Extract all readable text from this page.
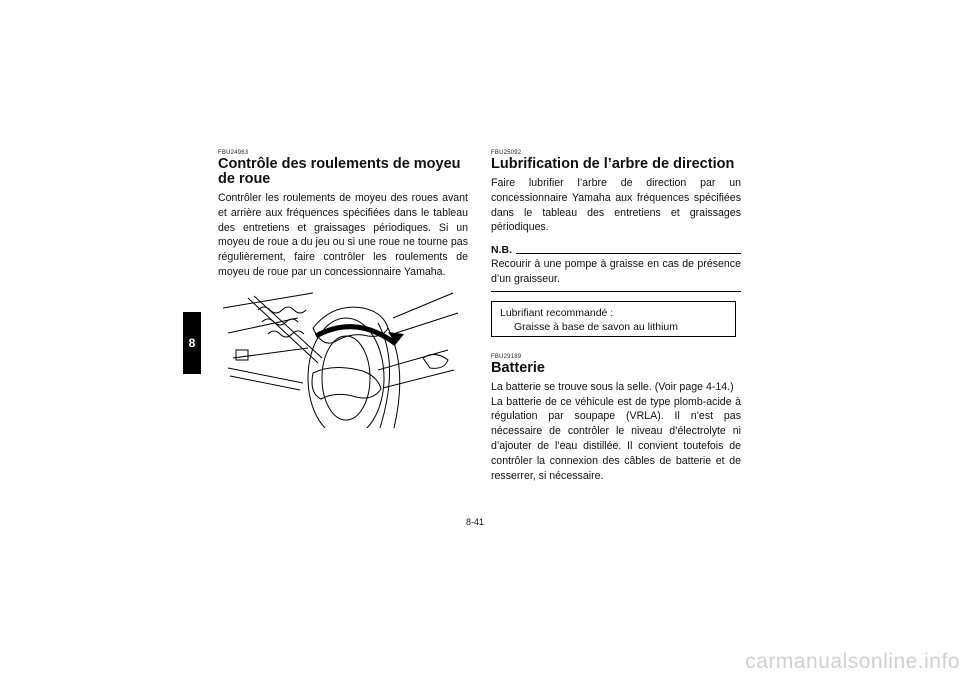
8
FBU24963
Contrôle des roulements de moyeu de roue

Contrôler les roulements de moyeu des roues avant et arrière aux fréquences spécifiées dans le tableau des entretiens et graissages périodiques. Si un moyeu de roue a du jeu ou si une roue ne tourne pas régulièrement, faire contrôler les roulements de moyeu de roue par un concessionnaire Yamaha.

FBU25092
Lubrification de l’arbre de direction

Faire lubrifier l’arbre de direction par un concessionnaire Yamaha aux fréquences spécifiées dans le tableau des entretiens et graissages périodiques.

N.B.

Recourir à une pompe à graisse en cas de présence d’un graisseur.

Lubrifiant recommandé :
Graisse à base de savon au lithium
FBU29189
Batterie

La batterie se trouve sous la selle. (Voir page 4-14.)

La batterie de ce véhicule est de type plomb-acide à régulation par soupape (VRLA). Il n’est pas nécessaire de contrôler le niveau d’électrolyte ni d’ajouter de l’eau distillée. Il convient toutefois de contrôler la connexion des câbles de batterie et de resserrer, si nécessaire.

8-41
carmanualsonline.info
